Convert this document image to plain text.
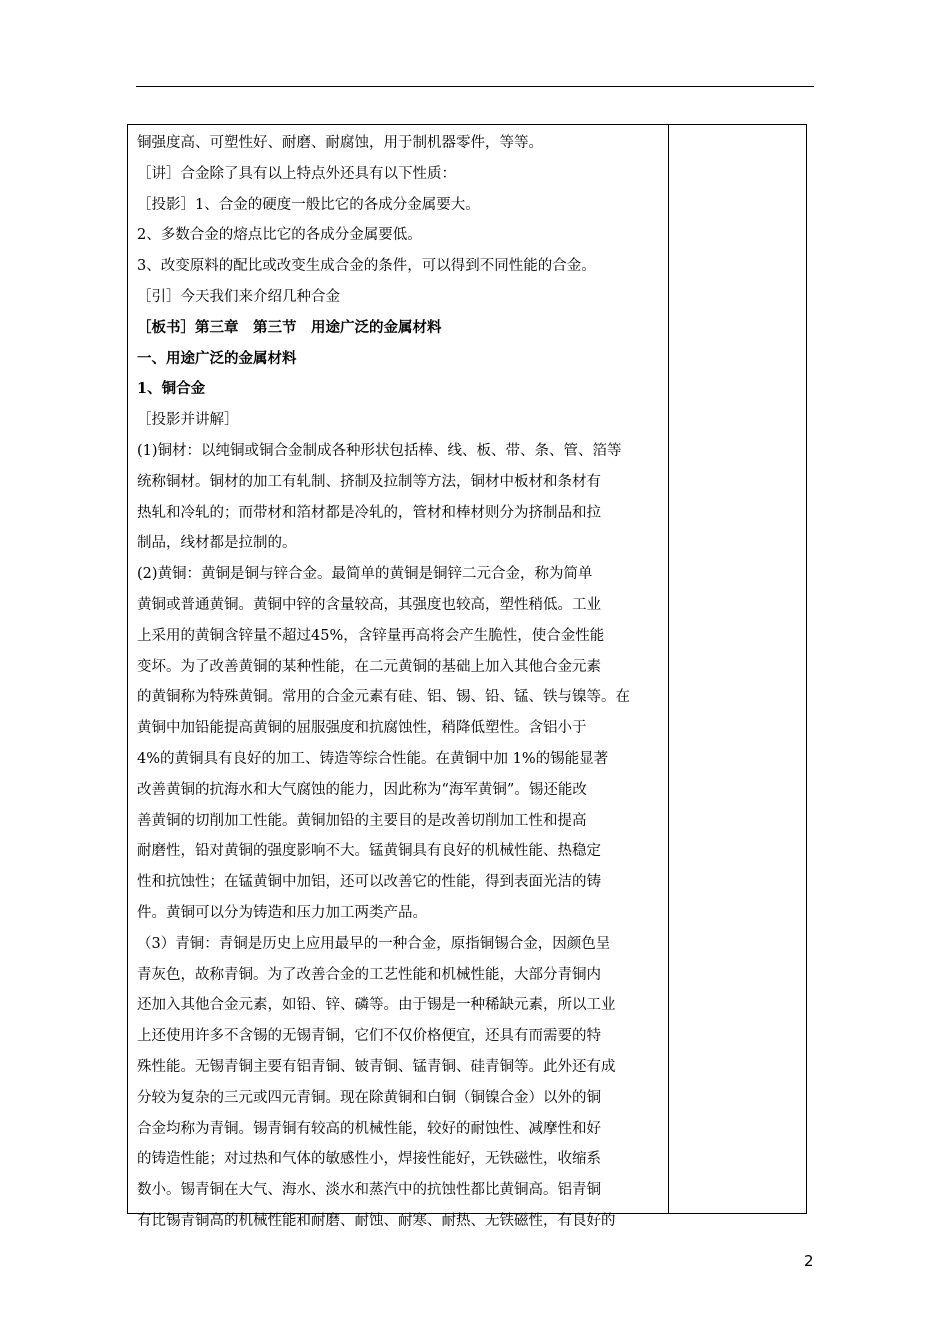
铜强度高、可塑性好、耐磨、耐腐蚀，用于制机器零件，等等。

［讲］合金除了具有以上特点外还具有以下性质：

［投影］1、合金的硬度一般比它的各成分金属要大。

2、多数合金的熔点比它的各成分金属要低。

3、改变原料的配比或改变生成合金的条件，可以得到不同性能的合金。

［引］今天我们来介绍几种合金

［板书］第三章　第三节　用途广泛的金属材料

一、用途广泛的金属材料

1、铜合金

［投影并讲解］

(1)铜材：以纯铜或铜合金制成各种形状包括棒、线、板、带、条、管、箔等

统称铜材。铜材的加工有轧制、挤制及拉制等方法，铜材中板材和条材有

热轧和冷轧的；而带材和箔材都是冷轧的，管材和棒材则分为挤制品和拉

制品，线材都是拉制的。

(2)黄铜：黄铜是铜与锌合金。最简单的黄铜是铜锌二元合金，称为简单

黄铜或普通黄铜。黄铜中锌的含量较高，其强度也较高，塑性稍低。工业

上采用的黄铜含锌量不超过45%，含锌量再高将会产生脆性，使合金性能

变坏。为了改善黄铜的某种性能，在二元黄铜的基础上加入其他合金元素

的黄铜称为特殊黄铜。常用的合金元素有硅、铝、锡、铅、锰、铁与镍等。在

黄铜中加铅能提高黄铜的屈服强度和抗腐蚀性，稍降低塑性。含铝小于

4%的黄铜具有良好的加工、铸造等综合性能。在黄铜中加 1%的锡能显著

改善黄铜的抗海水和大气腐蚀的能力，因此称为“海军黄铜”。锡还能改

善黄铜的切削加工性能。黄铜加铅的主要目的是改善切削加工性和提高

耐磨性，铅对黄铜的强度影响不大。锰黄铜具有良好的机械性能、热稳定

性和抗蚀性；在锰黄铜中加铝，还可以改善它的性能，得到表面光洁的铸

件。黄铜可以分为铸造和压力加工两类产品。

（3）青铜：青铜是历史上应用最早的一种合金，原指铜锡合金，因颜色呈

青灰色，故称青铜。为了改善合金的工艺性能和机械性能，大部分青铜内

还加入其他合金元素，如铅、锌、磷等。由于锡是一种稀缺元素，所以工业

上还使用许多不含锡的无锡青铜，它们不仅价格便宜，还具有而需要的特

殊性能。无锡青铜主要有铝青铜、铍青铜、锰青铜、硅青铜等。此外还有成

分较为复杂的三元或四元青铜。现在除黄铜和白铜（铜镍合金）以外的铜

合金均称为青铜。锡青铜有较高的机械性能，较好的耐蚀性、减摩性和好

的铸造性能；对过热和气体的敏感性小，焊接性能好，无铁磁性，收缩系

数小。锡青铜在大气、海水、淡水和蒸汽中的抗蚀性都比黄铜高。铝青铜

有比锡青铜高的机械性能和耐磨、耐蚀、耐寒、耐热、无铁磁性，有良好的

2
